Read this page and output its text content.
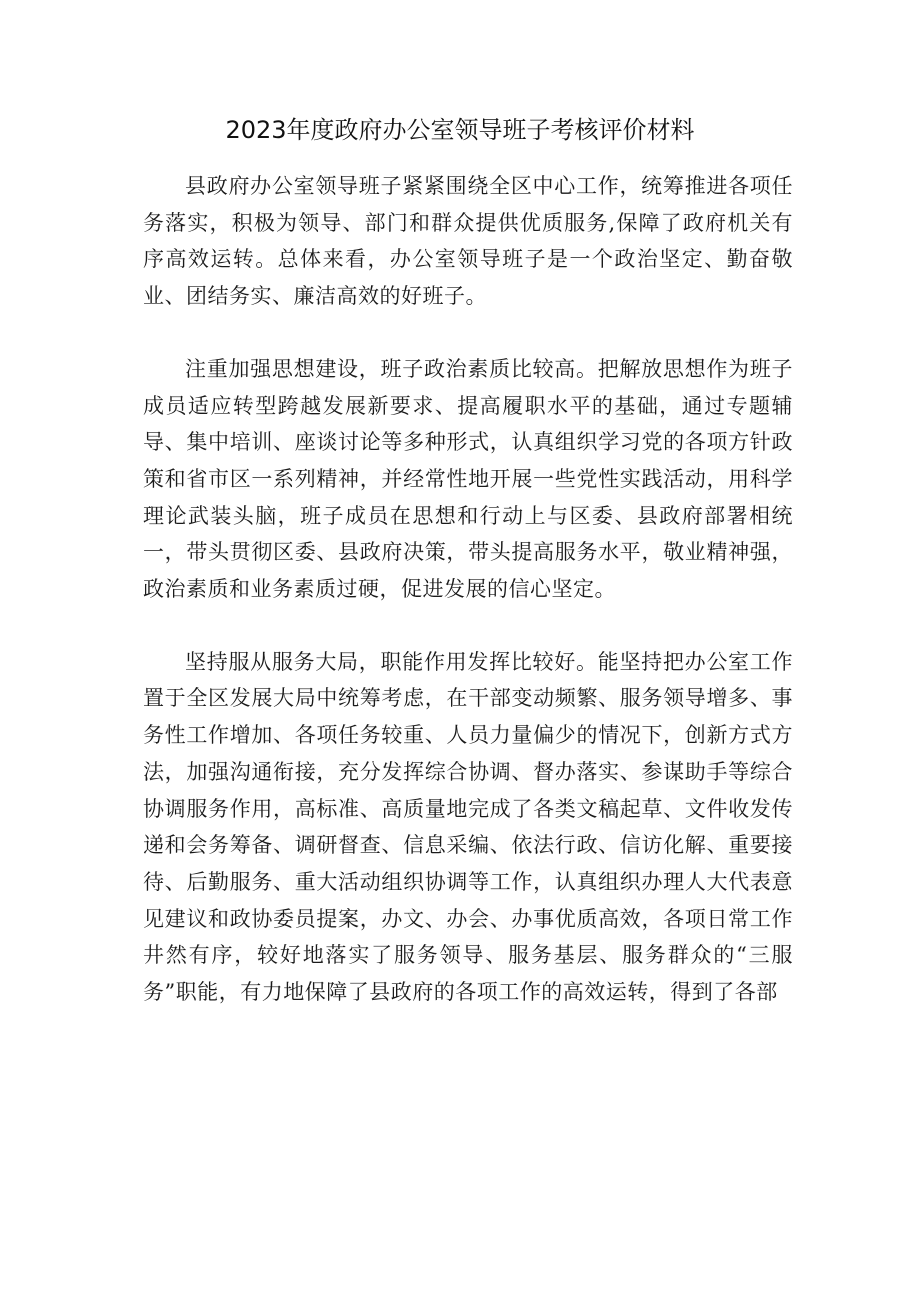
2023年度政府办公室领导班子考核评价材料

县政府办公室领导班子紧紧围绕全区中心工作，统筹推进各项任务落实，积极为领导、部门和群众提供优质服务,保障了政府机关有序高效运转。总体来看，办公室领导班子是一个政治坚定、勤奋敬业、团结务实、廉洁高效的好班子。

注重加强思想建设，班子政治素质比较高。把解放思想作为班子成员适应转型跨越发展新要求、提高履职水平的基础，通过专题辅导、集中培训、座谈讨论等多种形式，认真组织学习党的各项方针政策和省市区一系列精神，并经常性地开展一些党性实践活动，用科学理论武装头脑，班子成员在思想和行动上与区委、县政府部署相统一，带头贯彻区委、县政府决策，带头提高服务水平，敬业精神强，政治素质和业务素质过硬，促进发展的信心坚定。

坚持服从服务大局，职能作用发挥比较好。能坚持把办公室工作置于全区发展大局中统筹考虑，在干部变动频繁、服务领导增多、事务性工作增加、各项任务较重、人员力量偏少的情况下，创新方式方法，加强沟通衔接，充分发挥综合协调、督办落实、参谋助手等综合协调服务作用，高标准、高质量地完成了各类文稿起草、文件收发传递和会务筹备、调研督查、信息采编、依法行政、信访化解、重要接待、后勤服务、重大活动组织协调等工作，认真组织办理人大代表意见建议和政协委员提案，办文、办会、办事优质高效，各项日常工作井然有序，较好地落实了服务领导、服务基层、服务群众的“三服务”职能，有力地保障了县政府的各项工作的高效运转，得到了各部
